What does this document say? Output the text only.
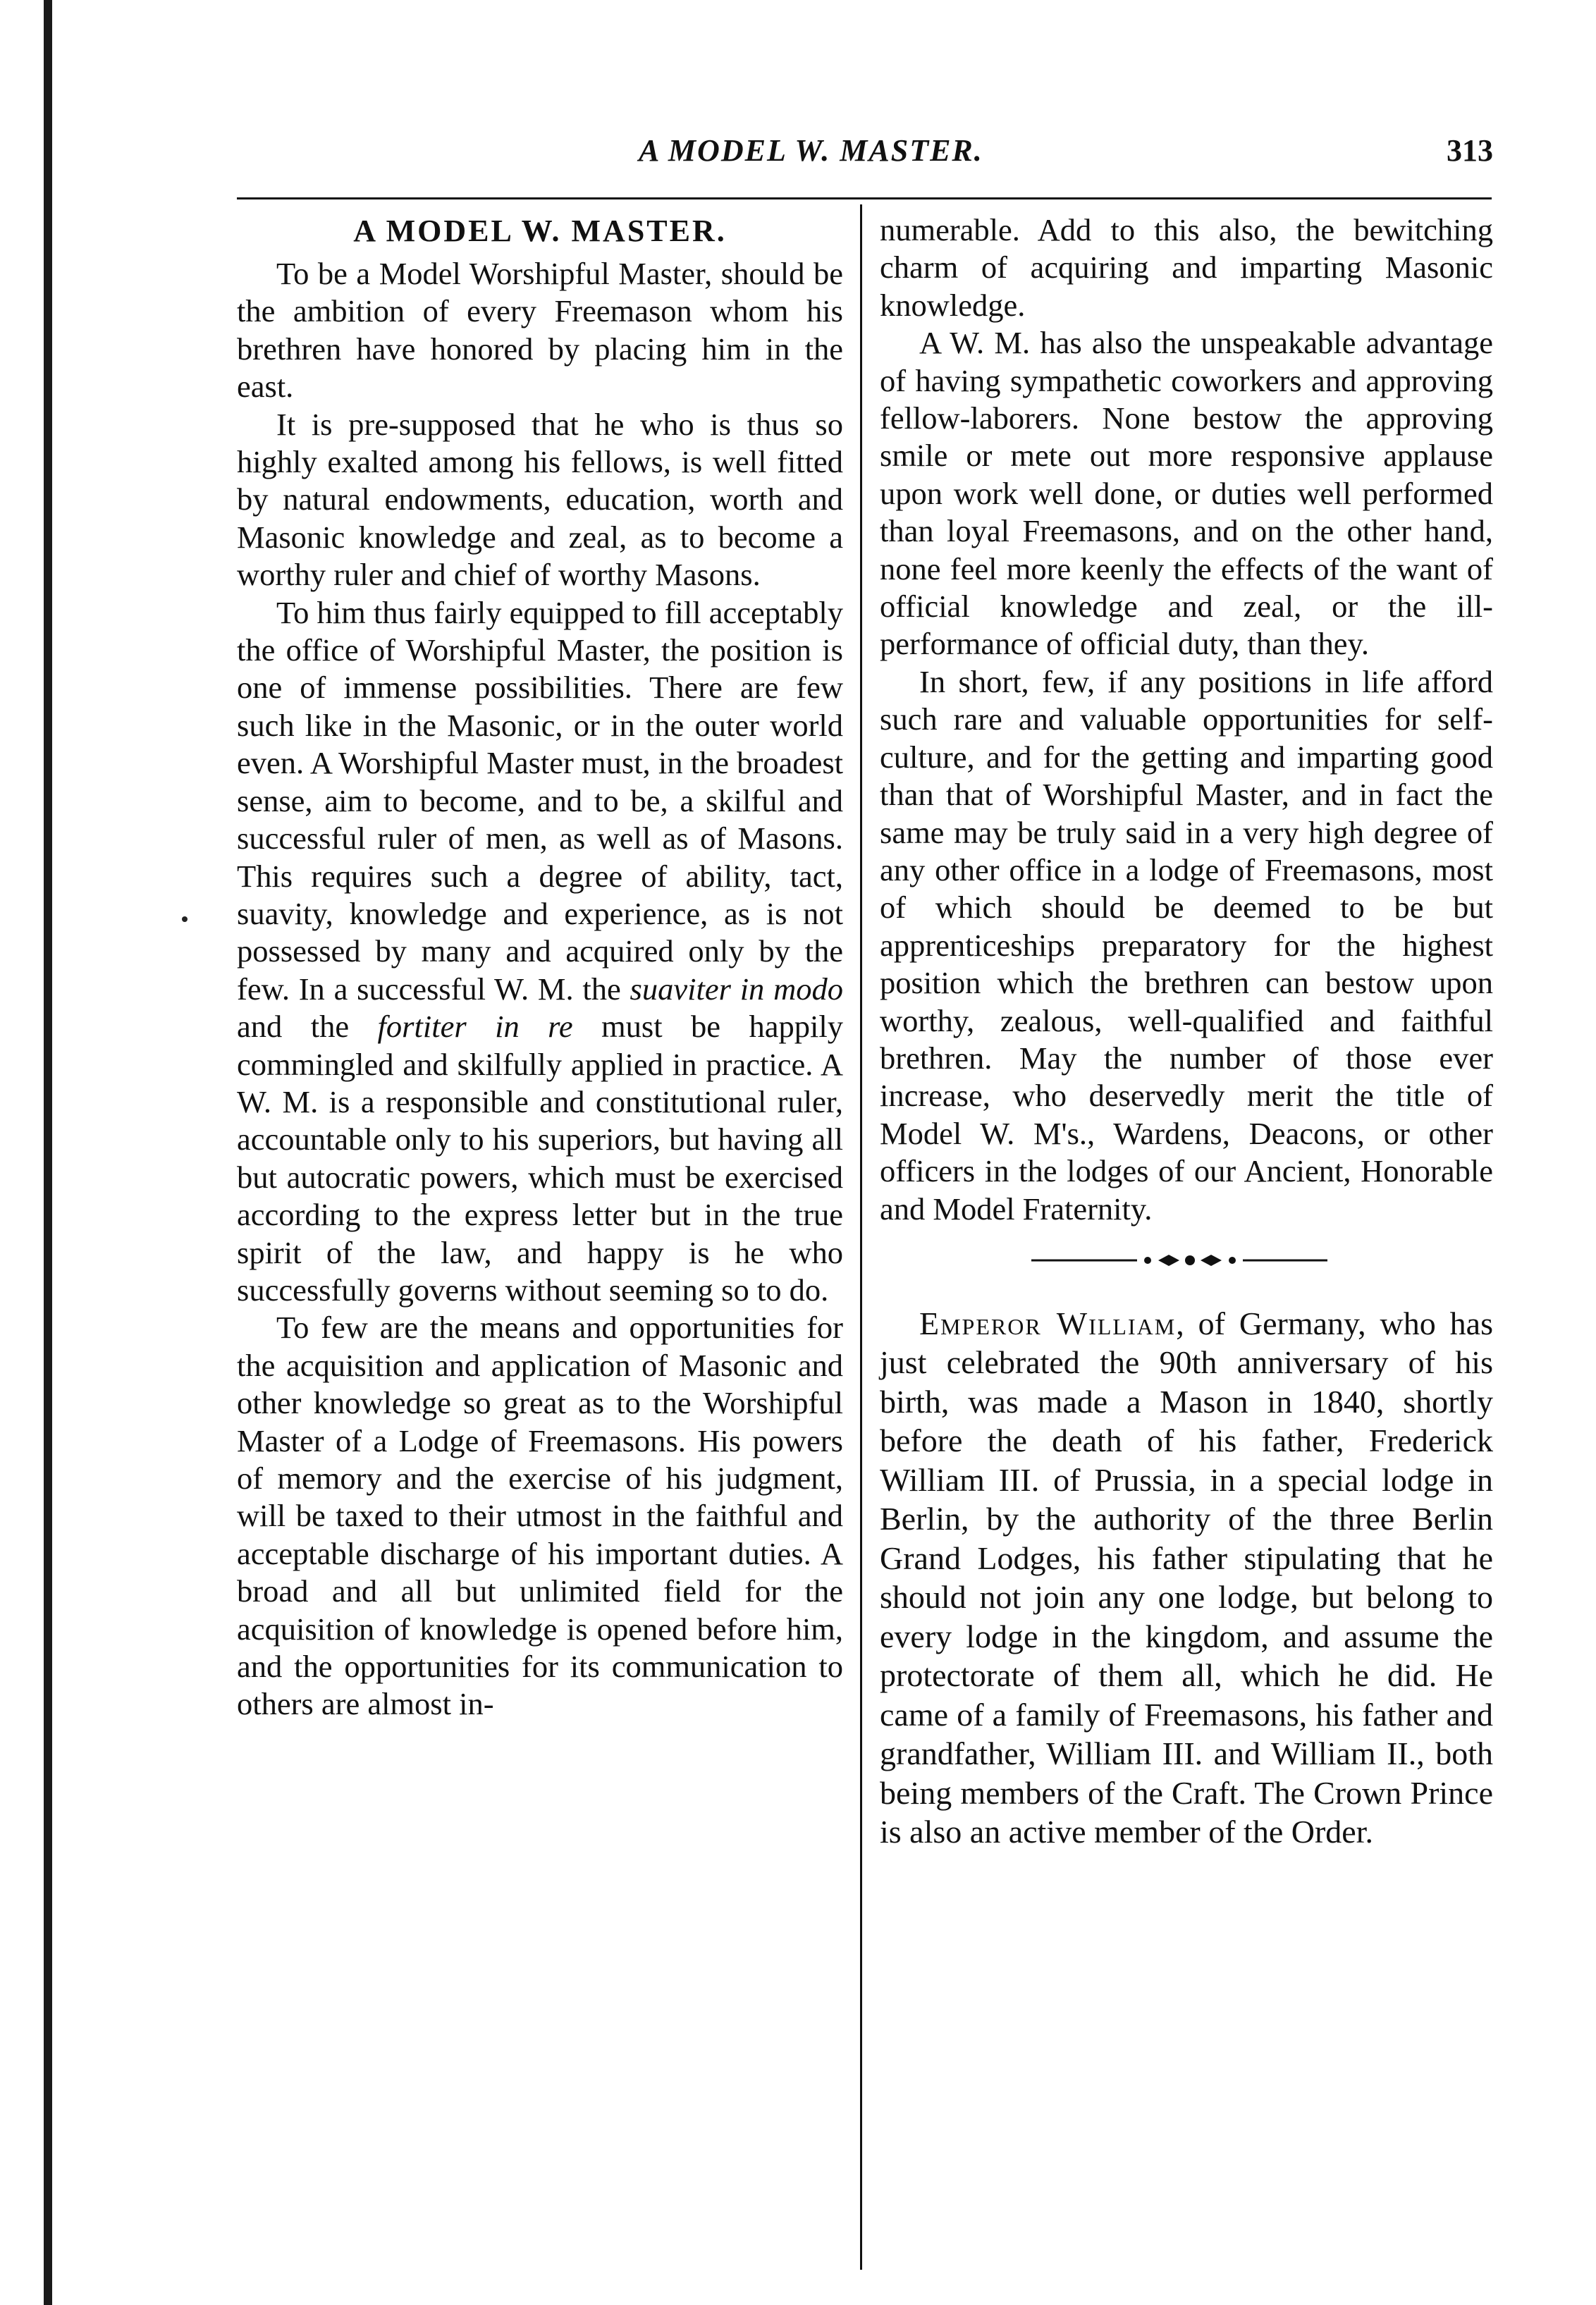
A MODEL W. MASTER.	313
A MODEL W. MASTER.

To be a Model Worshipful Master, should be the ambition of every Freemason whom his brethren have honored by placing him in the east.

It is pre-supposed that he who is thus so highly exalted among his fellows, is well fitted by natural endowments, education, worth and Masonic knowledge and zeal, as to become a worthy ruler and chief of worthy Masons.

To him thus fairly equipped to fill acceptably the office of Worshipful Master, the position is one of immense possibilities. There are few such like in the Masonic, or in the outer world even. A Worshipful Master must, in the broadest sense, aim to become, and to be, a skilful and successful ruler of men, as well as of Masons. This requires such a degree of ability, tact, suavity, knowledge and experience, as is not possessed by many and acquired only by the few. In a successful W. M. the suaviter in modo and the fortiter in re must be happily commingled and skilfully applied in practice. A W. M. is a responsible and constitutional ruler, accountable only to his superiors, but having all but autocratic powers, which must be exercised according to the express letter but in the true spirit of the law, and happy is he who successfully governs without seeming so to do.

To few are the means and opportunities for the acquisition and application of Masonic and other knowledge so great as to the Worshipful Master of a Lodge of Freemasons. His powers of memory and the exercise of his judgment, will be taxed to their utmost in the faithful and acceptable discharge of his important duties. A broad and all but unlimited field for the acquisition of knowledge is opened before him, and the opportunities for its communication to others are almost in-

numerable. Add to this also, the bewitching charm of acquiring and imparting Masonic knowledge.

A W. M. has also the unspeakable advantage of having sympathetic coworkers and approving fellow-laborers. None bestow the approving smile or mete out more responsive applause upon work well done, or duties well performed than loyal Freemasons, and on the other hand, none feel more keenly the effects of the want of official knowledge and zeal, or the ill-performance of official duty, than they.

In short, few, if any positions in life afford such rare and valuable opportunities for self-culture, and for the getting and imparting good than that of Worshipful Master, and in fact the same may be truly said in a very high degree of any other office in a lodge of Freemasons, most of which should be deemed to be but apprenticeships preparatory for the highest position which the brethren can bestow upon worthy, zealous, well-qualified and faithful brethren. May the number of those ever increase, who deservedly merit the title of Model W. M's., Wardens, Deacons, or other officers in the lodges of our Ancient, Honorable and Model Fraternity.

Emperor William, of Germany, who has just celebrated the 90th anniversary of his birth, was made a Mason in 1840, shortly before the death of his father, Frederick William III. of Prussia, in a special lodge in Berlin, by the authority of the three Berlin Grand Lodges, his father stipulating that he should not join any one lodge, but belong to every lodge in the kingdom, and assume the protectorate of them all, which he did. He came of a family of Freemasons, his father and grandfather, William III. and William II., both being members of the Craft. The Crown Prince is also an active member of the Order.
